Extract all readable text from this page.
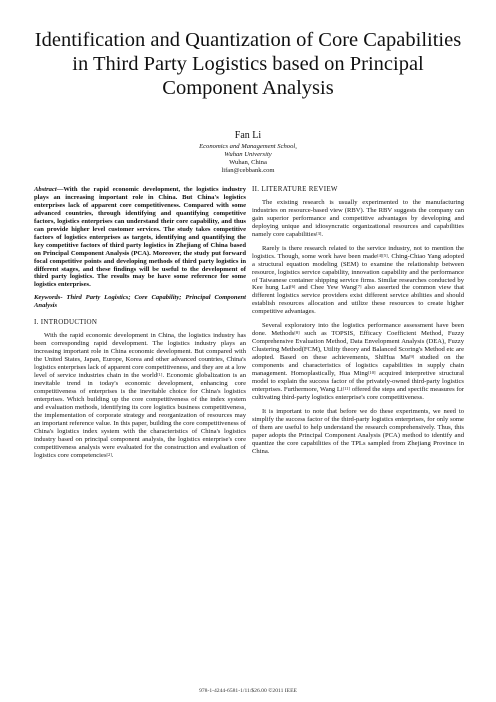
Identification and Quantization of Core Capabilities
in Third Party Logistics based on Principal
Component Analysis
Fan Li
Economics and Management School,
Wuhan University
Wuhan, China
lifan@cebbank.com

Abstract—With the rapid economic development, the logistics industry plays an increasing important role in China. But China's logistics enterprises lack of apparent core competitiveness. Compared with some advanced countries, through identifying and quantifying competitive factors, logistics enterprises can understand their core capability, and thus can provide higher level customer services. The study takes competitive factors of logistics enterprises as targets, identifying and quantifying the key competitive factors of third party logistics in Zhejiang of China based on Principal Component Analysis (PCA). Moreover, the study put forward focal competitive points and developing methods of third party logistics in different stages, and these findings will be useful to the development of third party logistics. The results may be have some reference for some logistics enterprises.

Keywords- Third Party Logistics; Core Capability; Principal Component Analysis

I. INTRODUCTION

With the rapid economic development in China, the logistics industry has been corresponding rapid development. The logistics industry plays an increasing important role in China economic development. But compared with the United States, Japan, Europe, Korea and other advanced countries, China's logistics enterprises lack of apparent core competitiveness, and they are at a low level of service industries chain in the world[1]. Economic globalization is an inevitable trend in today's economic development, enhancing core competitiveness of enterprises is the inevitable choice for China's logistics enterprises. Which building up the core competitiveness of the index system and evaluation methods, identifying its core logistics business competitiveness, the implementation of corporate strategy and reorganization of resources may an important reference value. In this paper, building the core competitiveness of China's logistics index system with the characteristics of China's logistics industry based on principal component analysis, the logistics enterprise's core competitiveness analysis were evaluated for the construction and evaluation of logistics core competencies[2].

II. LITERATURE REVIEW

The existing research is usually experimented to the manufacturing industries on resource-based view (RBV). The RBV suggests the company can gain superior performance and competitive advantages by developing and deploying unique and idiosyncratic organizational resources and capabilities namely core capabilities[3].

Rarely is there research related to the service industry, not to mention the logistics. Though, some work have been made[4][5]. Ching-Chiao Yang adopted a structural equation modeling (SEM) to examine the relationship between resource, logistics service capability, innovation capability and the performance of Taiwanese container shipping service firms. Similar researches conducted by Kee hung Lai[6] and Chee Yew Wang[7] also asserted the common view that different logistics service providers exist different service abilities and should establish resources allocation and utilize these resources to create higher competitive advantages.

Several exploratory into the logistics performance assessment have been done. Methods[8] such as TOPSIS, Efficacy Coefficient Method, Fuzzy Comprehensive Evaluation Method, Data Envelopment Analysis (DEA), Fuzzy Clustering Method(FCM), Utility theory and Balanced Scoring's Method etc are adopted. Based on these achievements, ShiHua Ma[9] studied on the components and characteristics of logistics capabilities in supply chain management. Homoplastically, Hua Ming[10] acquired interpretive structural model to explain the success factor of the privately-owned third-party logistics enterprises. Furthermore, Wang Li[11] offered the steps and specific measures for cultivating third-party logistics enterprise's core competitiveness.

It is important to note that before we do these experiments, we need to simplify the success factor of the third-party logistics enterprises, for only some of them are useful to help understand the research comprehensively. Thus, this paper adopts the Principal Component Analysis (PCA) method to identify and quantize the core capabilities of the TPLs sampled from Zhejiang Province in China.

978-1-4244-6581-1/11/$26.00 ©2011 IEEE
